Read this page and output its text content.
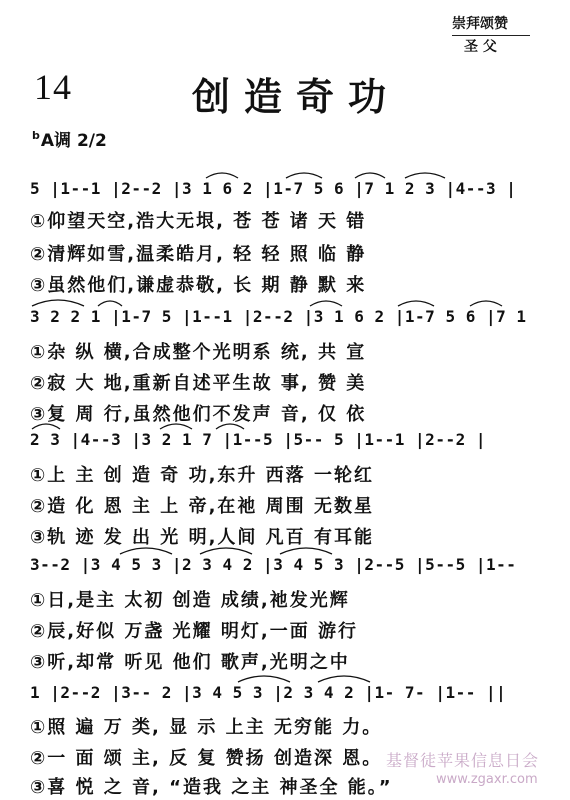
崇拜颂赞
圣 父
14	创造奇功
$^b$A调 2/2
5 |1--1 |2--2 |3 1 6 2 |1-7 5 6 |7 1 2 3 |4--3 |
①仰望天空,浩大无垠, 苍 苍 诸 天 错
②清辉如雪,温柔皓月, 轻 轻 照 临 静
③虽然他们,谦虚恭敬, 长 期 静 默 来
3 2 2 1 |1-7 5 |1--1 |2--2 |3 1 6 2 |1-7 5 6 |7 1
①杂 纵 横,合成整个光明系 统, 共 宣
②寂 大 地,重新自述平生故 事, 赞 美
③复 周 行,虽然他们不发声 音, 仅 依
2 3 |4--3 |3 2 1 7 |1--5 |5-- 5 |1--1 |2--2 |
①上 主 创 造 奇 功,东升 西落 一轮红
②造 化 恩 主 上 帝,在祂 周围 无数星
③轨 迹 发 出 光 明,人间 凡百 有耳能
3--2 |3 4 5 3 |2 3 4 2 |3 4 5 3 |2--5 |5--5 |1--
①日,是主 太初 创造 成绩,祂发光辉
②辰,好似 万盏 光耀 明灯,一面 游行
③听,却常 听见 他们 歌声,光明之中
1 |2--2 |3-- 2 |3 4 5 3 |2 3 4 2 |1- 7- |1-- ||
①照 遍 万 类, 显 示 上主 无穷能 力。
②一 面 颂 主, 反 复 赞扬 创造深 恩。
③喜 悦 之 音, “造我 之主 神圣全 能。”
基督徒苹果信息日会
www.zgaxr.com
